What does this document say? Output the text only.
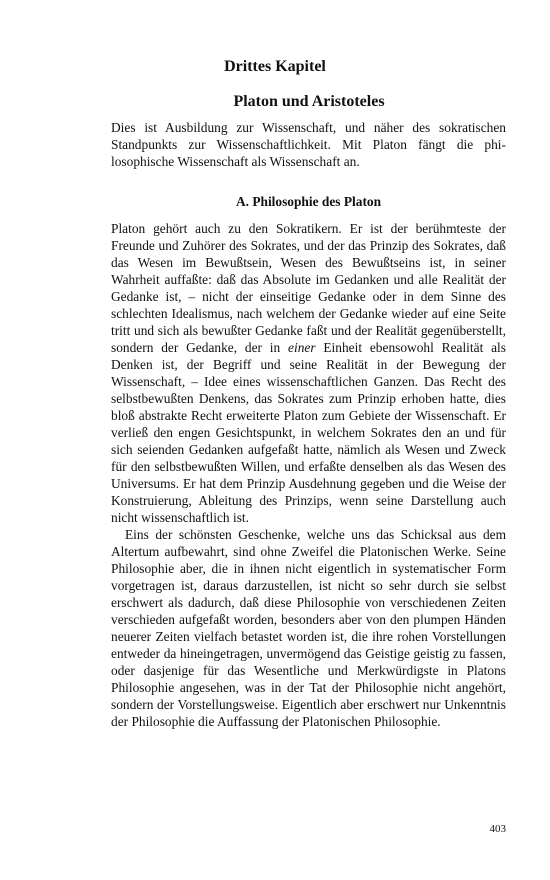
Drittes Kapitel
Platon und Aristoteles
Dies ist Ausbildung zur Wissenschaft, und näher des sokratischen Standpunkts zur Wissenschaftlichkeit. Mit Platon fängt die philosophische Wissenschaft als Wissenschaft an.
A. Philosophie des Platon

Platon gehört auch zu den Sokratikern. Er ist der berühmteste der Freunde und Zuhörer des Sokrates, und der das Prinzip des Sokrates, daß das Wesen im Bewußtsein, Wesen des Bewußtseins ist, in seiner Wahrheit auffaßte: daß das Absolute im Gedanken und alle Realität der Gedanke ist, – nicht der einseitige Gedanke oder in dem Sinne des schlechten Idealismus, nach welchem der Gedanke wieder auf eine Seite tritt und sich als bewußter Gedanke faßt und der Realität gegenüberstellt, sondern der Gedanke, der in einer Einheit ebensowohl Realität als Denken ist, der Begriff und seine Realität in der Bewegung der Wissenschaft, – Idee eines wissenschaftlichen Ganzen. Das Recht des selbstbewußten Denkens, das Sokrates zum Prinzip erhoben hatte, dies bloß abstrakte Recht erweiterte Platon zum Gebiete der Wissenschaft. Er verließ den engen Gesichtspunkt, in welchem Sokrates den an und für sich seienden Gedanken aufgefaßt hatte, nämlich als Wesen und Zweck für den selbstbewußten Willen, und erfaßte denselben als das Wesen des Universums. Er hat dem Prinzip Ausdehnung gegeben und die Weise der Konstruierung, Ableitung des Prinzips, wenn seine Darstellung auch nicht wissenschaftlich ist.

Eins der schönsten Geschenke, welche uns das Schicksal aus dem Altertum aufbewahrt, sind ohne Zweifel die Platonischen Werke. Seine Philosophie aber, die in ihnen nicht eigentlich in systematischer Form vorgetragen ist, daraus darzustellen, ist nicht so sehr durch sie selbst erschwert als dadurch, daß diese Philosophie von verschiedenen Zeiten verschieden aufgefaßt worden, besonders aber von den plumpen Händen neuerer Zeiten vielfach betastet worden ist, die ihre rohen Vorstellungen entweder da hineingetragen, unvermögend das Geistige geistig zu fassen, oder dasjenige für das Wesentliche und Merkwürdigste in Platons Philosophie angesehen, was in der Tat der Philosophie nicht angehört, sondern der Vorstellungsweise. Eigentlich aber erschwert nur Unkenntnis der Philosophie die Auffassung der Platonischen Philosophie.

403
